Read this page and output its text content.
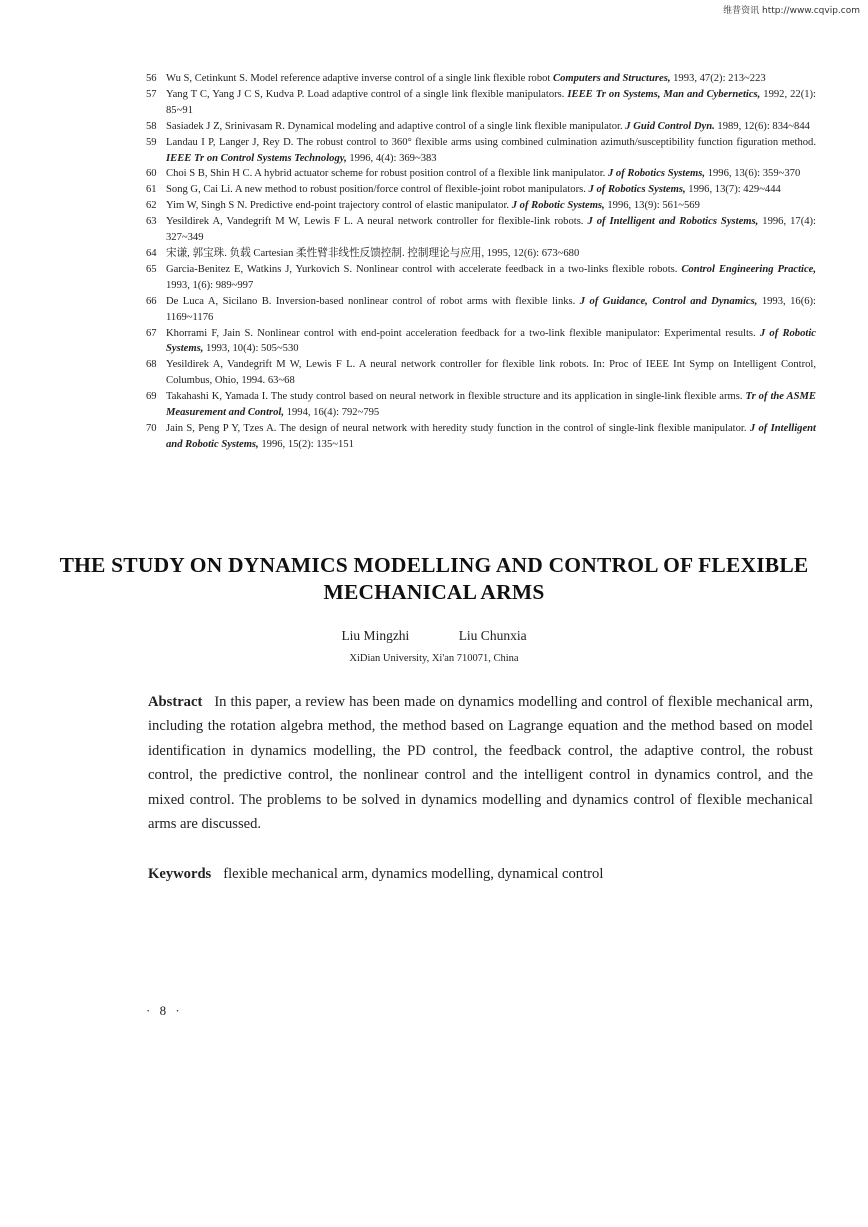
维普资讯 http://www.cqvip.com
56 Wu S, Cetinkunt S. Model reference adaptive inverse control of a single link flexible robot Computers and Structures, 1993, 47(2): 213~223
57 Yang T C, Yang J C S, Kudva P. Load adaptive control of a single link flexible manipulators. IEEE Tr on Systems, Man and Cybernetics, 1992, 22(1): 85~91
58 Sasiadek J Z, Srinivasam R. Dynamical modeling and adaptive control of a single link flexible manipulator. J Guid Control Dyn. 1989, 12(6): 834~844
59 Landau I P, Langer J, Rey D. The robust control to 360° flexible arms using combined culmination azimuth/susceptibility function figuration method. IEEE Tr on Control Systems Technology, 1996, 4(4): 369~383
60 Choi S B, Shin H C. A hybrid actuator scheme for robust position control of a flexible link manipulator. J of Robotics Systems, 1996, 13(6): 359~370
61 Song G, Cai Li. A new method to robust position/force control of flexible-joint robot manipulators. J of Robotics Systems, 1996, 13(7): 429~444
62 Yim W, Singh S N. Predictive end-point trajectory control of elastic manipulator. J of Robotic Systems, 1996, 13(9): 561~569
63 Yesildirek A, Vandegrift M W, Lewis F L. A neural network controller for flexible-link robots. J of Intelligent and Robotics Systems, 1996, 17(4): 327~349
64 宋谦, 郭宝珠. 负载 Cartesian 柔性臂非线性反馈控制. 控制理论与应用, 1995, 12(6): 673~680
65 Garcia-Benitez E, Watkins J, Yurkovich S. Nonlinear control with accelerate feedback in a two-links flexible robots. Control Engineering Practice, 1993, 1(6): 989~997
66 De Luca A, Sicilano B. Inversion-based nonlinear control of robot arms with flexible links. J of Guidance, Control and Dynamics, 1993, 16(6): 1169~1176
67 Khorrami F, Jain S. Nonlinear control with end-point acceleration feedback for a two-link flexible manipulator: Experimental results. J of Robotic Systems, 1993, 10(4): 505~530
68 Yesildirek A, Vandegrift M W, Lewis F L. A neural network controller for flexible link robots. In: Proc of IEEE Int Symp on Intelligent Control, Columbus, Ohio, 1994. 63~68
69 Takahashi K, Yamada I. The study control based on neural network in flexible structure and its application in single-link flexible arms. Tr of the ASME Measurement and Control, 1994, 16(4): 792~795
70 Jain S, Peng P Y, Tzes A. The design of neural network with heredity study function in the control of single-link flexible manipulator. J of Intelligent and Robotic Systems, 1996, 15(2): 135~151
THE STUDY ON DYNAMICS MODELLING AND CONTROL OF FLEXIBLE MECHANICAL ARMS
Liu Mingzhi	Liu Chunxia
XiDian University, Xi'an 710071, China
Abstract In this paper, a review has been made on dynamics modelling and control of flexible mechanical arm, including the rotation algebra method, the method based on Lagrange equation and the method based on model identification in dynamics modelling, the PD control, the feedback control, the adaptive control, the robust control, the predictive control, the nonlinear control and the intelligent control in dynamics control, and the mixed control. The problems to be solved in dynamics modelling and dynamics control of flexible mechanical arms are discussed.
Keywords flexible mechanical arm, dynamics modelling, dynamical control
· 8 ·
